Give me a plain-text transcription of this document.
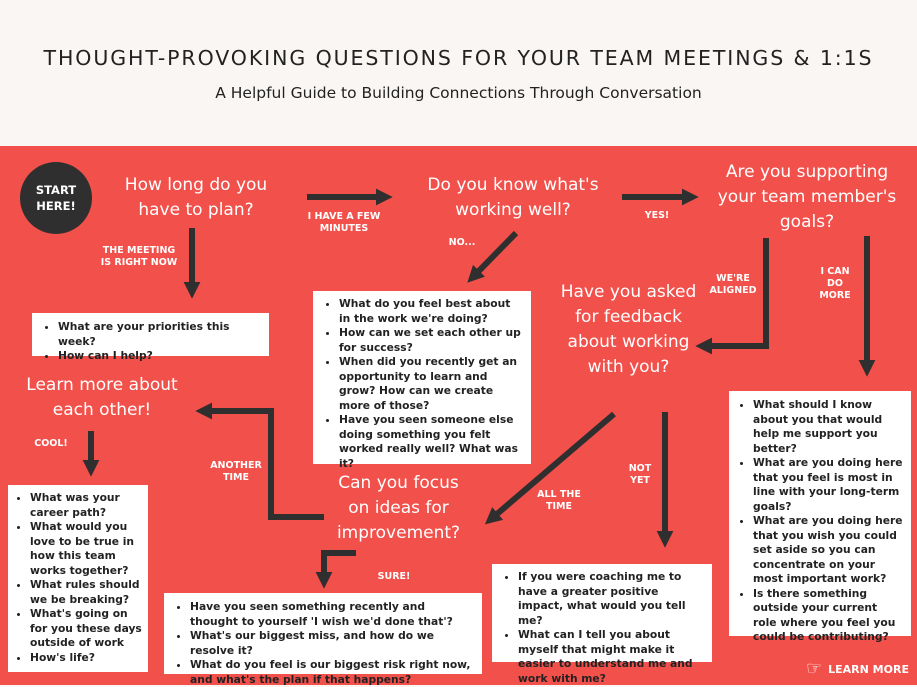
THOUGHT-PROVOKING QUESTIONS FOR YOUR TEAM MEETINGS & 1:1S
A Helpful Guide to Building Connections Through Conversation
START HERE!
How long do you have to plan?
Do you know what's working well?
Are you supporting your team member's goals?
Have you asked for feedback about working with you?
Learn more about each other!
Can you focus on ideas for improvement?
I HAVE A FEW MINUTES
THE MEETING IS RIGHT NOW
NO...
YES!
WE'RE ALIGNED
I CAN DO MORE
COOL!
ANOTHER TIME
ALL THE TIME
NOT YET
SURE!
• What are your priorities this week?
• How can I help?
• What do you feel best about in the work we're doing?
• How can we set each other up for success?
• When did you recently get an opportunity to learn and grow? How can we create more of those?
• Have you seen someone else doing something you felt worked really well? What was it?
• What should I know about you that would help me support you better?
• What are you doing here that you feel is most in line with your long-term goals?
• What are you doing here that you wish you could set aside so you can concentrate on your most important work?
• Is there something outside your current role where you feel you could be contributing?
• What was your career path?
• What would you love to be true in how this team works together?
• What rules should we be breaking?
• What's going on for you these days outside of work
• How's life?
• Have you seen something recently and thought to yourself 'I wish we'd done that'?
• What's our biggest miss, and how do we resolve it?
• What do you feel is our biggest risk right now, and what's the plan if that happens?
• If you were coaching me to have a greater positive impact, what would you tell me?
• What can I tell you about myself that might make it easier to understand me and work with me?	☞ LEARN MORE
